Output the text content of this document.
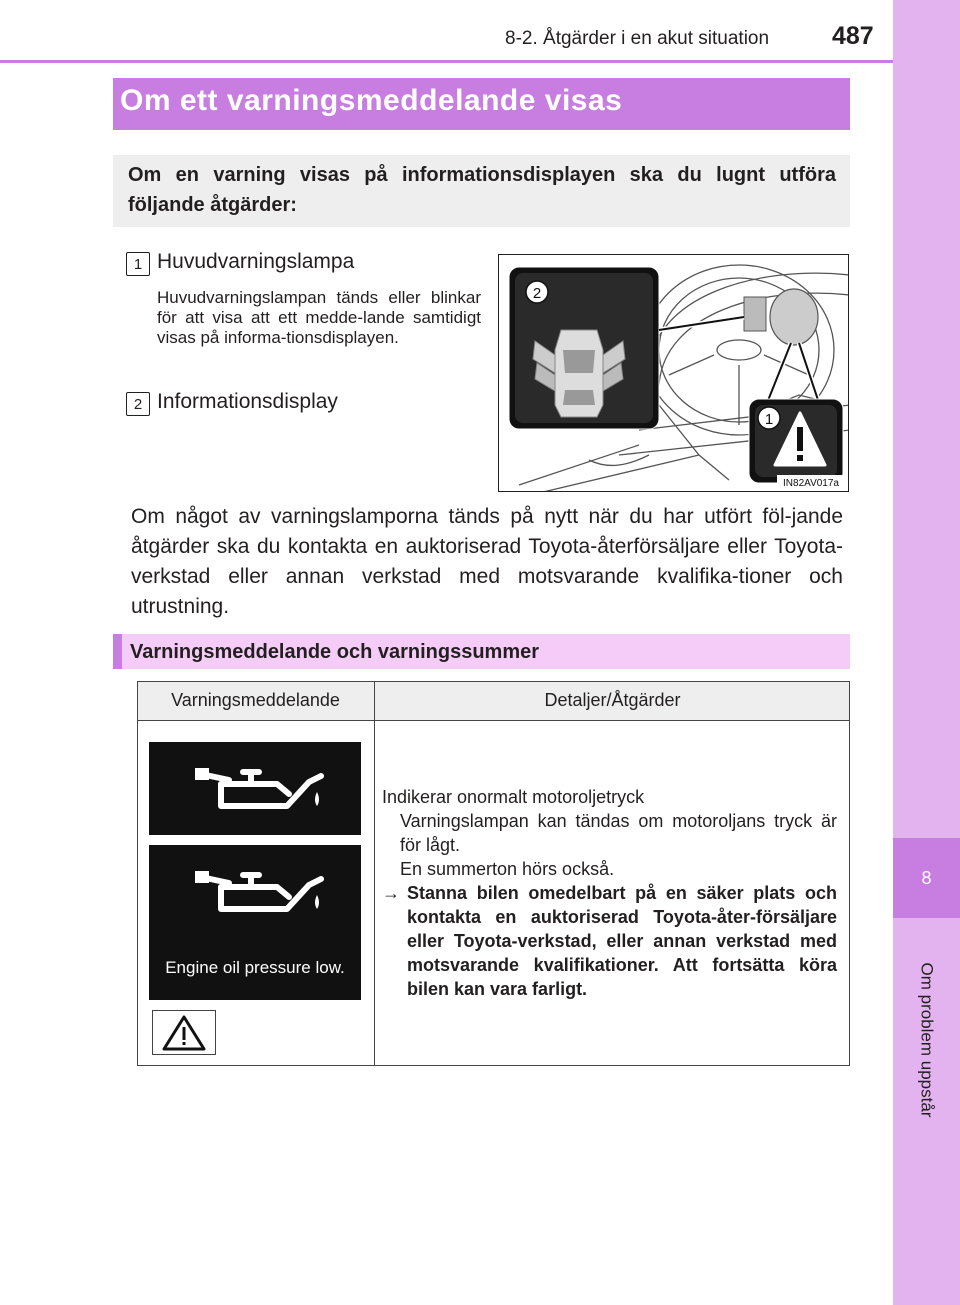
8
Om problem uppstår
8-2. Åtgärder i en akut situation	487
Om ett varningsmeddelande visas
Om en varning visas på informationsdisplayen ska du lugnt utföra följande åtgärder:
1 Huvudvarningslampa
Huvudvarningslampan tänds eller blinkar för att visa att ett medde-lande samtidigt visas på informa-tionsdisplayen.
2 Informationsdisplay
2
1
IN82AV017a
Om något av varningslamporna tänds på nytt när du har utfört föl-jande åtgärder ska du kontakta en auktoriserad Toyota-återförsäljare eller Toyota-verkstad eller annan verkstad med motsvarande kvalifika-tioner och utrustning.
Varningsmeddelande och varningssummer
Varningsmeddelande	Detaljer/Åtgärder
Engine oil pressure low.
Indikerar onormalt motoroljetryck
Varningslampan kan tändas om motoroljans tryck är för lågt.
En summerton hörs också.
→ Stanna bilen omedelbart på en säker plats och kontakta en auktoriserad Toyota-åter-försäljare eller Toyota-verkstad, eller annan verkstad med motsvarande kvalifikationer. Att fortsätta köra bilen kan vara farligt.
